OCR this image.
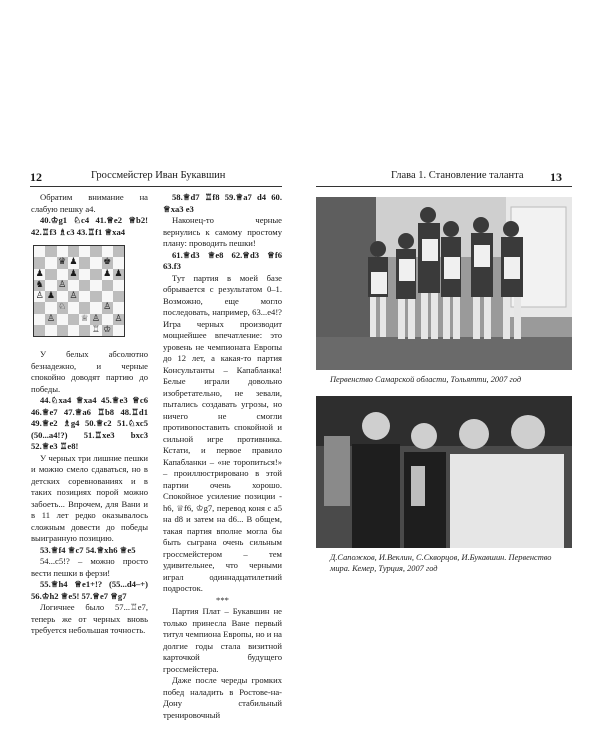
12	Гроссмейстер Иван Букавшин	Глава 1. Становление таланта 13

Обратим внимание на слабую пешку а4.

40.♔g1 ♘c4 41.♕e2 ♕b2! 42.♖f3 ♗c3 43.♖f1 ♕xa4

♛ ♟	♚
♟	♟	♟ ♟
♞ ♙
♙ ♟ ♙
♘	♙
♙	♕ ♙ ♙
♖ ♔

У белых абсолютно безнадежно, и черные спокойно доводят партию до победы.

44.♘xa4 ♕xa4 45.♕e3 ♕c6 46.♕e7 47.♕a6 ♖b8 48.♖d1 49.♕e2 ♗g4 50.♕c2 51.♘xc5 (50...a4!?) 51.♖xe3 bxc3 52.♕e3 ♖e8!

У черных три лишние пешки и можно смело сдаваться, но в детских соревнованиях и в таких позициях порой можно забоеть... Впрочем, для Вани и в 11 лет редко оказывалось сложным довести до победы выигранную позицию.

53.♕f4 ♕c7 54.♕xh6 ♕e5

54...c5!? – можно просто вести пешки в ферзи!

55.♕h4 ♕e1+!? (55...d4–+) 56.♔h2 ♕e5! 57.♕e7 ♕g7

Логичнее было 57...♖e7, теперь же от черных вновь требуется небольшая точность.

58.♕d7 ♖f8 59.♕a7 d4 60. ♕xa3 e3

Наконец-то черные вернулись к самому простому плану: проводить пешки!

61.♕d3 ♕e8 62.♕d3 ♕f6 63.f3

Тут партия в моей базе обрывается с результатом 0–1. Возможно, еще могло последовать, например, 63...e4!? Игра черных производит мощнейшее впечатление: это уровень не чемпионата Европы до 12 лет, а какая-то партия Консультанты – Капабланка! Белые играли довольно изобретательно, не зевали, пытались создавать угрозы, но ничего не смогли противопоставить спокойной и сильной игре противника. Кстати, и первое правило Капабланки – «не торопиться!» – проиллюстрировано в этой партии очень хорошо. Спокойное усиление позиции - h6, ♕f6, ♔g7, перевод коня с а5 на d8 и затем на d6... В общем, такая партия вполне могла бы быть сыграна очень сильным гроссмейстером – тем удивительнее, что черными играл одиннадцатилетний подросток.

***

Партия Плат – Букавшин не только принесла Ване первый титул чемпиона Европы, но и на долгие годы стала визитной карточкой будущего гроссмейстера.

Даже после череды громких побед наладить в Ростове-на-Дону стабильный тренировочный

Первенство Самарской области, Тольятти, 2007 год
Д.Сапожков, И.Веклин, С.Скворцов, И.Букавшин. Первенство мира. Кемер, Турция, 2007 год
